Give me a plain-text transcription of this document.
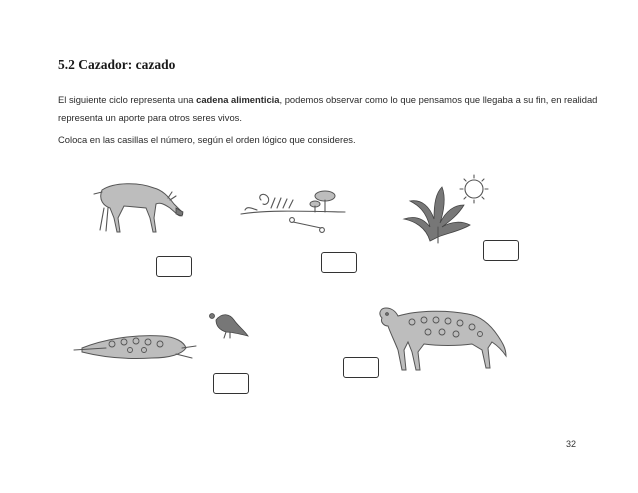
5.2 Cazador: cazado
El siguiente ciclo representa una cadena alimenticia, podemos observar como lo que pensamos que llegaba a su fin, en realidad representa un aporte para otros seres vivos.
Coloca en las casillas el número, según el orden lógico que consideres.
32
